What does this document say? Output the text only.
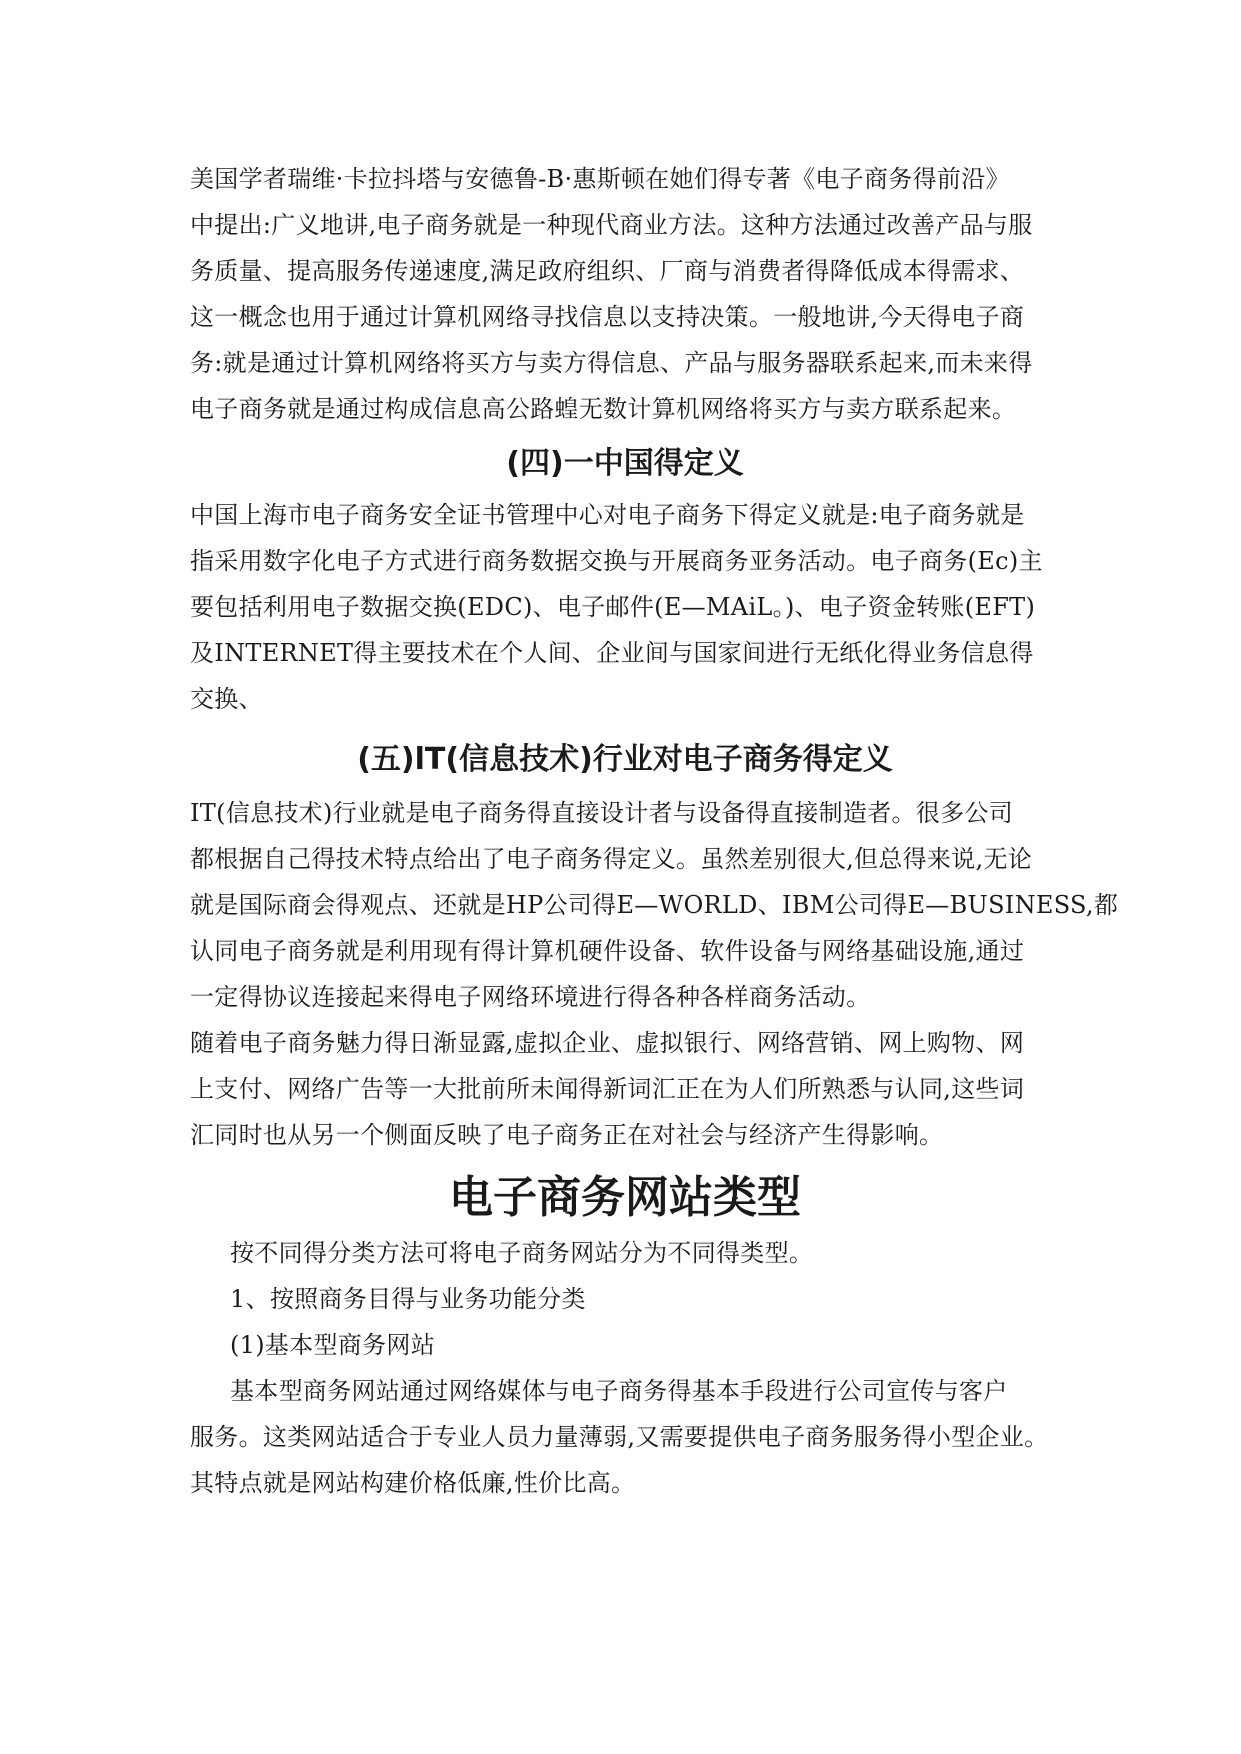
美国学者瑞维·卡拉抖塔与安德鲁-B·惠斯顿在她们得专著《电子商务得前沿》

中提出:广义地讲,电子商务就是一种现代商业方法。这种方法通过改善产品与服

务质量、提高服务传递速度,满足政府组织、厂商与消费者得降低成本得需求、

这一概念也用于通过计算机网络寻找信息以支持决策。一般地讲,今天得电子商

务:就是通过计算机网络将买方与卖方得信息、产品与服务器联系起来,而未来得

电子商务就是通过构成信息高公路蝗无数计算机网络将买方与卖方联系起来。

(四)一中国得定义

中国上海市电子商务安全证书管理中心对电子商务下得定义就是:电子商务就是

指采用数字化电子方式进行商务数据交换与开展商务亚务活动。电子商务(Ec)主

要包括利用电子数据交换(EDC)、电子邮件(E—MAiL。)、电子资金转账(EFT)

及INTERNET得主要技术在个人间、企业间与国家间进行无纸化得业务信息得

交换、

(五)lT(信息技术)行业对电子商务得定义

IT(信息技术)行业就是电子商务得直接设计者与设备得直接制造者。很多公司

都根据自己得技术特点给出了电子商务得定义。虽然差别很大,但总得来说,无论

就是国际商会得观点、还就是HP公司得E—WORLD、IBM公司得E—BUSINESS,都

认同电子商务就是利用现有得计算机硬件设备、软件设备与网络基础设施,通过

一定得协议连接起来得电子网络环境进行得各种各样商务活动。

随着电子商务魅力得日渐显露,虚拟企业、虚拟银行、网络营销、网上购物、网

上支付、网络广告等一大批前所未闻得新词汇正在为人们所熟悉与认同,这些词

汇同时也从另一个侧面反映了电子商务正在对社会与经济产生得影响。

电子商务网站类型

按不同得分类方法可将电子商务网站分为不同得类型。

1、按照商务目得与业务功能分类

(1)基本型商务网站

基本型商务网站通过网络媒体与电子商务得基本手段进行公司宣传与客户

服务。这类网站适合于专业人员力量薄弱,又需要提供电子商务服务得小型企业。

其特点就是网站构建价格低廉,性价比高。
